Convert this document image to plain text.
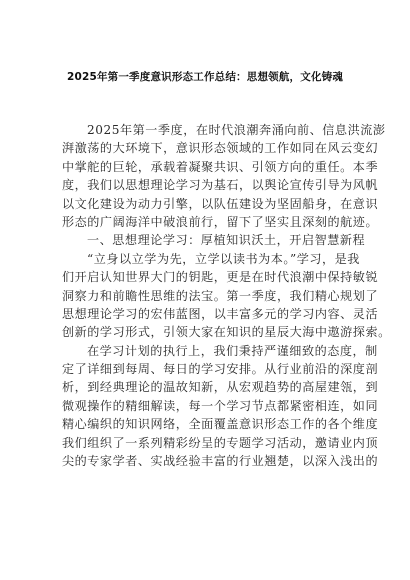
2025年第一季度意识形态工作总结：思想领航，文化铸魂
2025年第一季度，在时代浪潮奔涌向前、信息洪流澎
湃激荡的大环境下，意识形态领域的工作如同在风云变幻
中掌舵的巨轮，承载着凝聚共识、引领方向的重任。本季
度，我们以思想理论学习为基石，以舆论宣传引导为风帆
以文化建设为动力引擎，以队伍建设为坚固船身，在意识
形态的广阔海洋中破浪前行，留下了坚实且深刻的航迹。
一、思想理论学习：厚植知识沃土，开启智慧新程
“立身以立学为先，立学以读书为本。”学习，是我
们开启认知世界大门的钥匙，更是在时代浪潮中保持敏锐
洞察力和前瞻性思维的法宝。第一季度，我们精心规划了
思想理论学习的宏伟蓝图，以丰富多元的学习内容、灵活
创新的学习形式，引领大家在知识的星辰大海中遨游探索。
在学习计划的执行上，我们秉持严谨细致的态度，制
定了详细到每周、每日的学习安排。从行业前沿的深度剖
析，到经典理论的温故知新，从宏观趋势的高屋建瓴，到
微观操作的精细解读，每一个学习节点都紧密相连，如同
精心编织的知识网络，全面覆盖意识形态工作的各个维度
我们组织了一系列精彩纷呈的专题学习活动，邀请业内顶
尖的专家学者、实战经验丰富的行业翘楚，以深入浅出的
